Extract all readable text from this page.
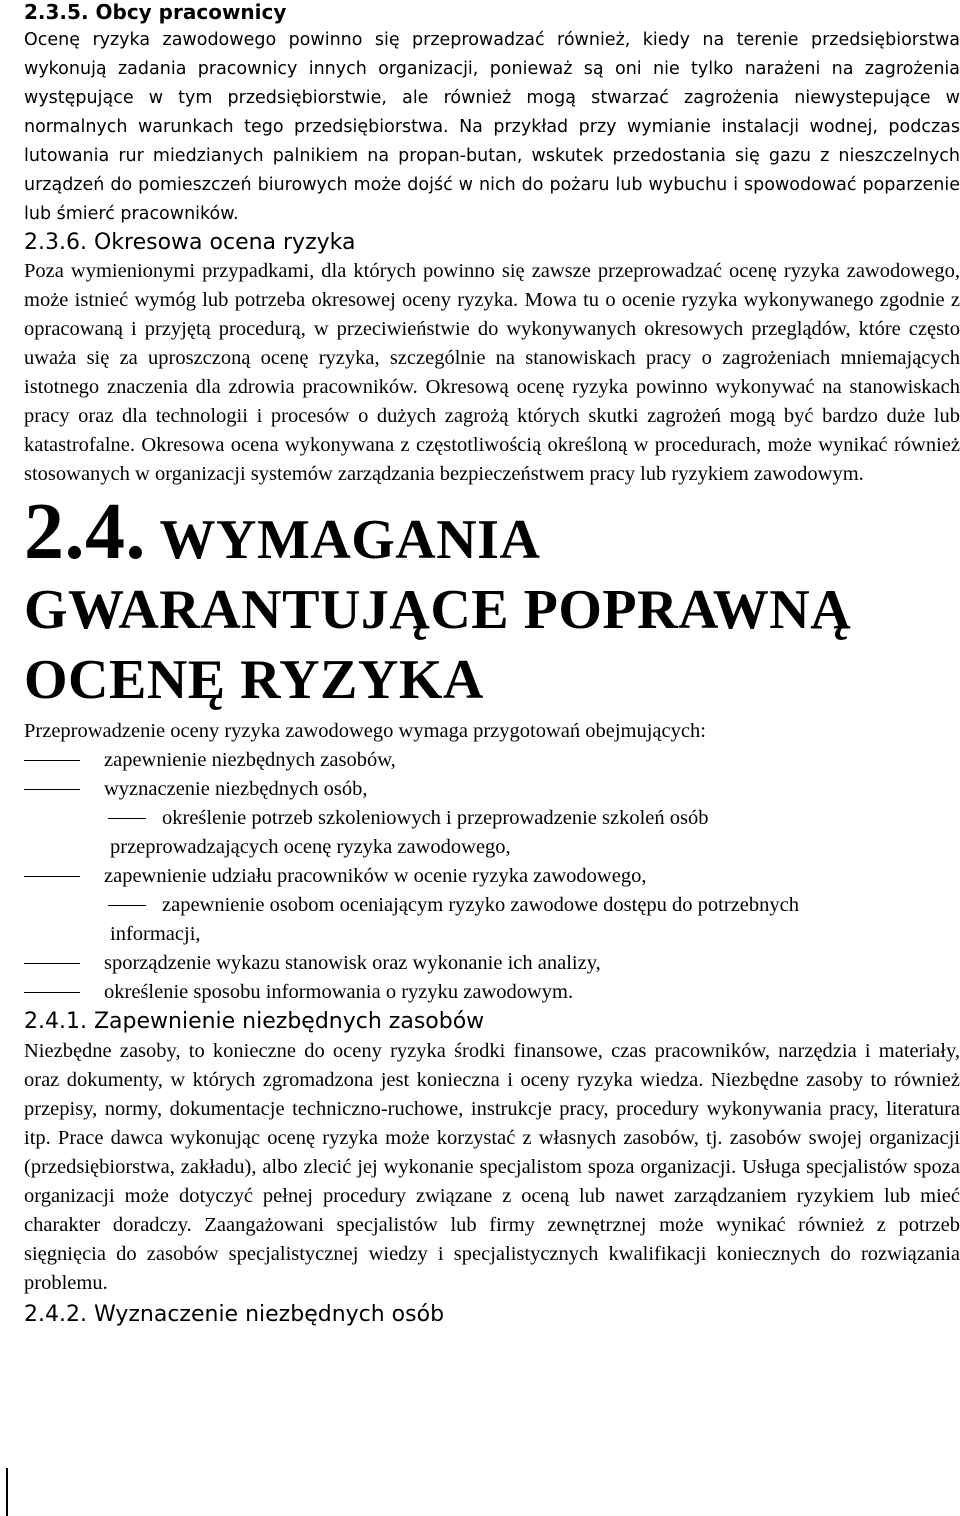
2.3.5. Obcy pracownicy

Ocenę ryzyka zawodowego powinno się przeprowadzać również, kiedy na terenie przedsiębiorstwa wykonują zadania pracownicy innych organizacji, ponieważ są oni nie tylko narażeni na zagrożenia występujące w tym przedsiębiorstwie, ale również mogą stwarzać zagrożenia niewystepujące w normalnych warunkach tego przedsiębiorstwa. Na przykład przy wymianie instalacji wodnej, podczas lutowania rur miedzianych palnikiem na propan-butan, wskutek przedostania się gazu z nieszczelnych urządzeń do pomieszczeń biurowych może dojść w nich do pożaru lub wybuchu i spowodować poparzenie lub śmierć pracowników.

2.3.6. Okresowa ocena ryzyka

Poza wymienionymi przypadkami, dla których powinno się zawsze przeprowadzać ocenę ryzyka zawodowego, może istnieć wymóg lub potrzeba okresowej oceny ryzyka. Mowa tu o ocenie ryzyka wykonywanego zgodnie z opracowaną i przyjętą procedurą, w przeciwieństwie do wykonywanych okresowych przeglądów, które często uważa się za uproszczoną ocenę ryzyka, szczególnie na stanowiskach pracy o zagrożeniach mniemających istotnego znaczenia dla zdrowia pracowników. Okresową ocenę ryzyka powinno wykonywać na stanowiskach pracy oraz dla technologii i procesów o dużych zagrożą których skutki zagrożeń mogą być bardzo duże lub katastrofalne. Okresowa ocena wykonywana z częstotliwością określoną w procedurach, może wynikać również stosowanych w organizacji systemów zarządzania bezpieczeństwem pracy lub ryzykiem zawodowym.

2.4. WYMAGANIA
GWARANTUJĄCE POPRAWNĄ
OCENĘ RYZYKA

Przeprowadzenie oceny ryzyka zawodowego wymaga przygotowań obejmujących:

zapewnienie niezbędnych zasobów,
wyznaczenie niezbędnych osób,
określenie potrzeb szkoleniowych i przeprowadzenie szkoleń osób
przeprowadzających ocenę ryzyka zawodowego,
zapewnienie udziału pracowników w ocenie ryzyka zawodowego,
zapewnienie osobom oceniającym ryzyko zawodowe dostępu do potrzebnych
informacji,
sporządzenie wykazu stanowisk oraz wykonanie ich analizy,
określenie sposobu informowania o ryzyku zawodowym.
2.4.1. Zapewnienie niezbędnych zasobów

Niezbędne zasoby, to konieczne do oceny ryzyka środki finansowe, czas pracowników, narzędzia i materiały, oraz dokumenty, w których zgromadzona jest konieczna i oceny ryzyka wiedza. Niezbędne zasoby to również przepisy, normy, dokumentacje techniczno-ruchowe, instrukcje pracy, procedury wykonywania pracy, literatura itp. Prace dawca wykonując ocenę ryzyka może korzystać z własnych zasobów, tj. zasobów swojej organizacji (przedsiębiorstwa, zakładu), albo zlecić jej wykonanie specjalistom spoza organizacji. Usługa specjalistów spoza organizacji może dotyczyć pełnej procedury związane z oceną lub nawet zarządzaniem ryzykiem lub mieć charakter doradczy. Zaangażowani specjalistów lub firmy zewnętrznej może wynikać również z potrzeb sięgnięcia do zasobów specjalistycznej wiedzy i specjalistycznych kwalifikacji koniecznych do rozwiązania problemu.

2.4.2. Wyznaczenie niezbędnych osób
